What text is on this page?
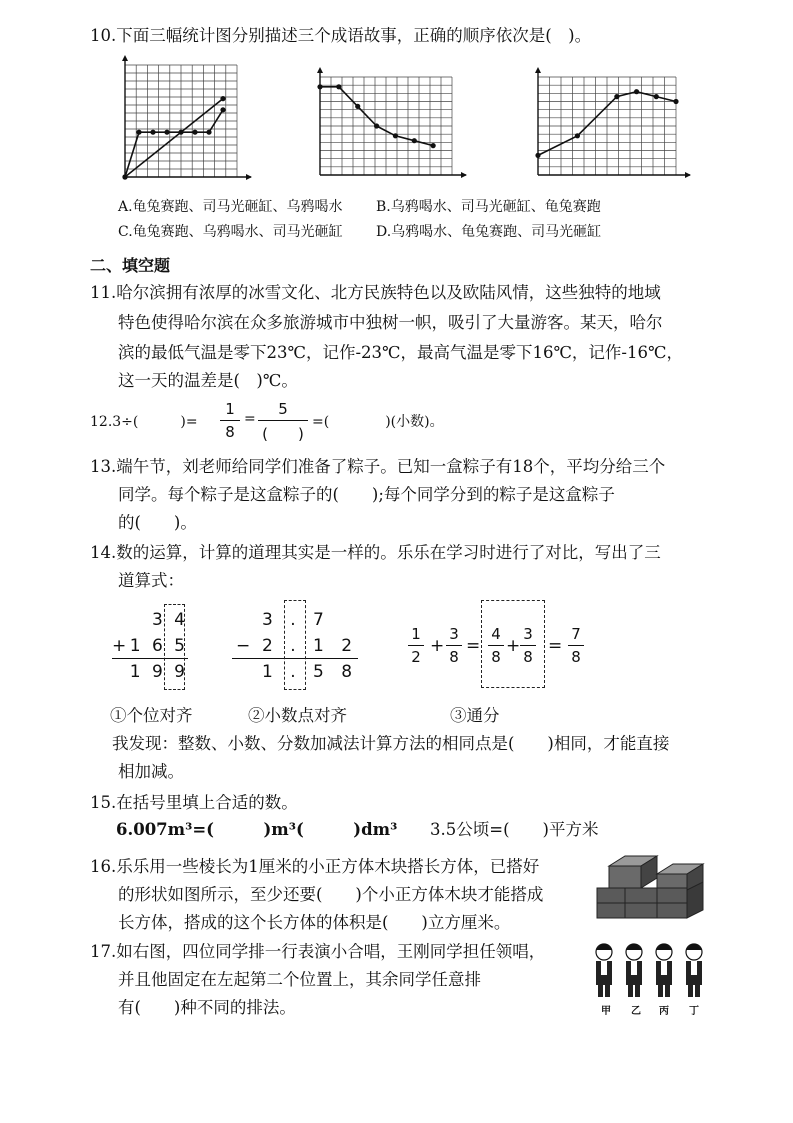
10.下面三幅统计图分别描述三个成语故事，正确的顺序依次是(　)。
A.龟兔赛跑、司马光砸缸、乌鸦喝水 B.乌鸦喝水、司马光砸缸、龟兔赛跑
C.龟兔赛跑、乌鸦喝水、司马光砸缸 D.乌鸦喝水、龟兔赛跑、司马光砸缸
二、填空题
11.哈尔滨拥有浓厚的冰雪文化、北方民族特色以及欧陆风情，这些独特的地域
特色使得哈尔滨在众多旅游城市中独树一帜，吸引了大量游客。某天，哈尔
滨的最低气温是零下23℃，记作-23℃，最高气温是零下16℃，记作-16℃，
这一天的温差是(　)℃。
12.3÷(　　　)=
1
8
=
5
(　　)
=(　　　　)(小数)。
13.端午节，刘老师给同学们准备了粽子。已知一盒粽子有18个，平均分给三个
同学。每个粽子是这盒粽子的(　　);每个同学分到的粽子是这盒粽子
的(　　)。
14.数的运算，计算的道理其实是一样的。乐乐在学习时进行了对比，写出了三
道算式：
3 4
+ 1 6 5
1 9 9
3 . 7
− 2 . 1 2
1 . 5 8
1
2
+
3
8
=
4
8
+
3
8
=
7
8
①个位对齐	②小数点对齐	③通分
我发现：整数、小数、分数加减法计算方法的相同点是(　　)相同，才能直接
相加减。
15.在括号里填上合适的数。
6.007m³=(　　　)m³(　　　)dm³ 3.5公顷=(　　)平方米
16.乐乐用一些棱长为1厘米的小正方体木块搭长方体，已搭好
的形状如图所示，至少还要(　　)个小正方体木块才能搭成
长方体，搭成的这个长方体的体积是(　　)立方厘米。
17.如右图，四位同学排一行表演小合唱，王刚同学担任领唱，
并且他固定在左起第二个位置上，其余同学任意排
有(　　)种不同的排法。	甲 乙 丙 丁
